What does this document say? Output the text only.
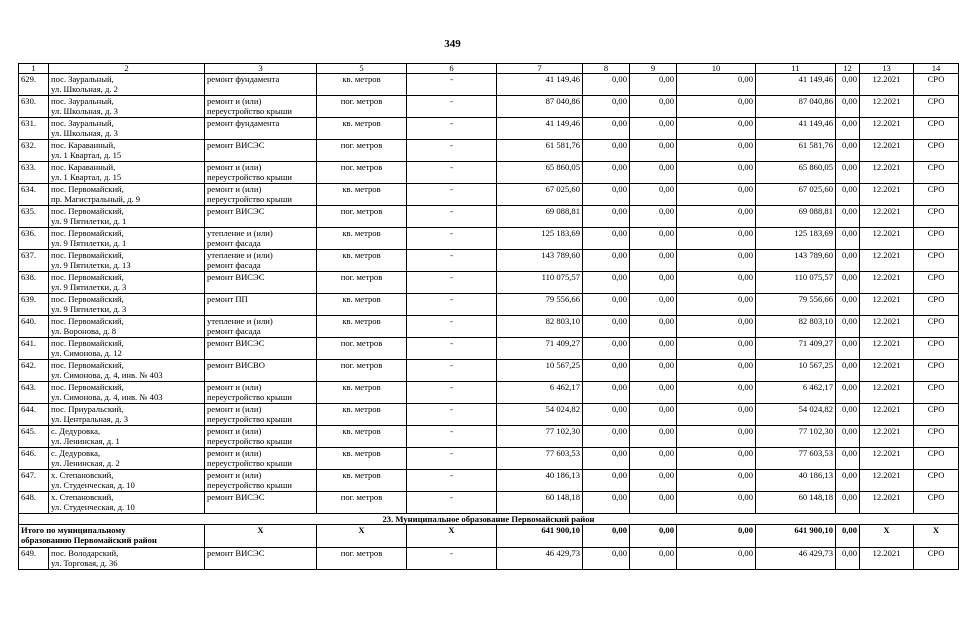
349
1	2	3	5	6	7	8	9	10	11	12	13	14
629.	пос. Зауральный,
ул. Школьная, д. 2	ремонт фундамента	кв. метров	-	41 149,46	0,00	0,00	0,00	41 149,46	0,00	12.2021	СРО
630.	пос. Зауральный,
ул. Школьная, д. 3	ремонт и (или)
переустройство крыши	пог. метров	-	87 040,86	0,00	0,00	0,00	87 040,86	0,00	12.2021	СРО
631.	пос. Зауральный,
ул. Школьная, д. 3	ремонт фундамента	кв. метров	-	41 149,46	0,00	0,00	0,00	41 149,46	0,00	12.2021	СРО
632.	пос. Караванный,
ул. 1 Квартал, д. 15	ремонт ВИСЭС	пог. метров	-	61 581,76	0,00	0,00	0,00	61 581,76	0,00	12.2021	СРО
633.	пос. Караванный,
ул. 1 Квартал, д. 15	ремонт и (или)
переустройство крыши	пог. метров	-	65 860,05	0,00	0,00	0,00	65 860,05	0,00	12.2021	СРО
634.	пос. Первомайский,
пр. Магистральный, д. 9	ремонт и (или)
переустройство крыши	кв. метров	-	67 025,60	0,00	0,00	0,00	67 025,60	0,00	12.2021	СРО
635.	пос. Первомайский,
ул. 9 Пятилетки, д. 1	ремонт ВИСЭС	пог. метров	-	69 088,81	0,00	0,00	0,00	69 088,81	0,00	12.2021	СРО
636.	пос. Первомайский,
ул. 9 Пятилетки, д. 1	утепление и (или)
ремонт фасада	кв. метров	-	125 183,69	0,00	0,00	0,00	125 183,69	0,00	12.2021	СРО
637.	пос. Первомайский,
ул. 9 Пятилетки, д. 13	утепление и (или)
ремонт фасада	кв. метров	-	143 789,60	0,00	0,00	0,00	143 789,60	0,00	12.2021	СРО
638.	пос. Первомайский,
ул. 9 Пятилетки, д. 3	ремонт ВИСЭС	пог. метров	-	110 075,57	0,00	0,00	0,00	110 075,57	0,00	12.2021	СРО
639.	пос. Первомайский,
ул. 9 Пятилетки, д. 3	ремонт ПП	кв. метров	-	79 556,66	0,00	0,00	0,00	79 556,66	0,00	12.2021	СРО
640.	пос. Первомайский,
ул. Воронова, д. 8	утепление и (или)
ремонт фасада	кв. метров	-	82 803,10	0,00	0,00	0,00	82 803,10	0,00	12.2021	СРО
641.	пос. Первомайский,
ул. Симонова, д. 12	ремонт ВИСЭС	пог. метров	-	71 409,27	0,00	0,00	0,00	71 409,27	0,00	12.2021	СРО
642.	пос. Первомайский,
ул. Симонова, д. 4, инв. № 403	ремонт ВИСВО	пог. метров	-	10 567,25	0,00	0,00	0,00	10 567,25	0,00	12.2021	СРО
643.	пос. Первомайский,
ул. Симонова, д. 4, инв. № 403	ремонт и (или)
переустройство крыши	кв. метров	-	6 462,17	0,00	0,00	0,00	6 462,17	0,00	12.2021	СРО
644.	пос. Приуральский,
ул. Центральная, д. 3	ремонт и (или)
переустройство крыши	кв. метров	-	54 024,82	0,00	0,00	0,00	54 024,82	0,00	12.2021	СРО
645.	с. Дедуровка,
ул. Ленинская, д. 1	ремонт и (или)
переустройство крыши	кв. метров	-	77 102,30	0,00	0,00	0,00	77 102,30	0,00	12.2021	СРО
646.	с. Дедуровка,
ул. Ленинская, д. 2	ремонт и (или)
переустройство крыши	кв. метров	-	77 603,53	0,00	0,00	0,00	77 603,53	0,00	12.2021	СРО
647.	х. Степановский,
ул. Студенческая, д. 10	ремонт и (или)
переустройство крыши	кв. метров	-	40 186,13	0,00	0,00	0,00	40 186,13	0,00	12.2021	СРО
648.	х. Степановский,
ул. Студенческая, д. 10	ремонт ВИСЭС	пог. метров	-	60 148,18	0,00	0,00	0,00	60 148,18	0,00	12.2021	СРО
23. Муниципальное образование Первомайский район												

Итого по муниципальному
образованию Первомайский район		X	X	X	641 900,10	0,00	0,00	0,00	641 900,10	0,00	X	X
649.	пос. Володарский,
ул. Торговая, д. 36	ремонт ВИСЭС	пог. метров	-	46 429,73	0,00	0,00	0,00	46 429,73	0,00	12.2021	СРО
